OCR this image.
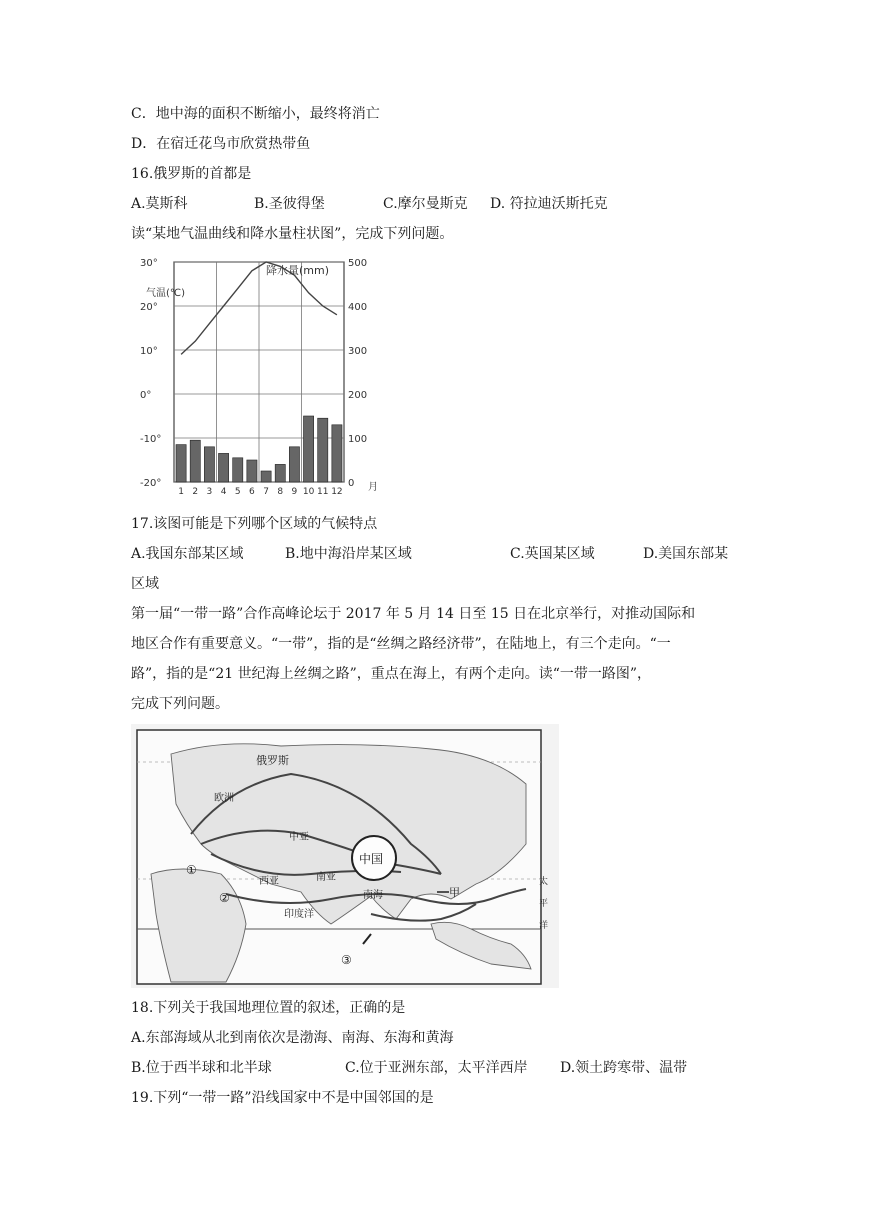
C．地中海的面积不断缩小，最终将消亡
D．在宿迁花鸟市欣赏热带鱼
16.俄罗斯的首都是
A.莫斯科	B.圣彼得堡	C.摩尔曼斯克 D. 符拉迪沃斯托克
读“某地气温曲线和降水量柱状图”，完成下列问题。
气温(℃)
降水量(mm)
30°
20°
10°
0°
-10°
-20°
500
400
300
200
100
0
1 2 3 4 5 6 7 8 9 10 11 12	月
17.该图可能是下列哪个区域的气候特点
A.我国东部某区域	B.地中海沿岸某区域	C.英国某区域	D.美国东部某
区域
第一届“一带一路”合作高峰论坛于 2017 年 5 月 14 日至 15 日在北京举行，对推动国际和
地区合作有重要意义。“一带”，指的是“丝绸之路经济带”，在陆地上，有三个走向。“一
路”，指的是“21 世纪海上丝绸之路”，重点在海上，有两个走向。读“一带一路图”，
完成下列问题。
俄罗斯
欧洲
中亚
中国
西亚	南亚
南海
印度洋
甲
太
平
洋
①
②
③
18.下列关于我国地理位置的叙述，正确的是
A.东部海域从北到南依次是渤海、南海、东海和黄海
B.位于西半球和北半球	C.位于亚洲东部，太平洋西岸 D.领土跨寒带、温带
19.下列“一带一路”沿线国家中不是中国邻国的是
